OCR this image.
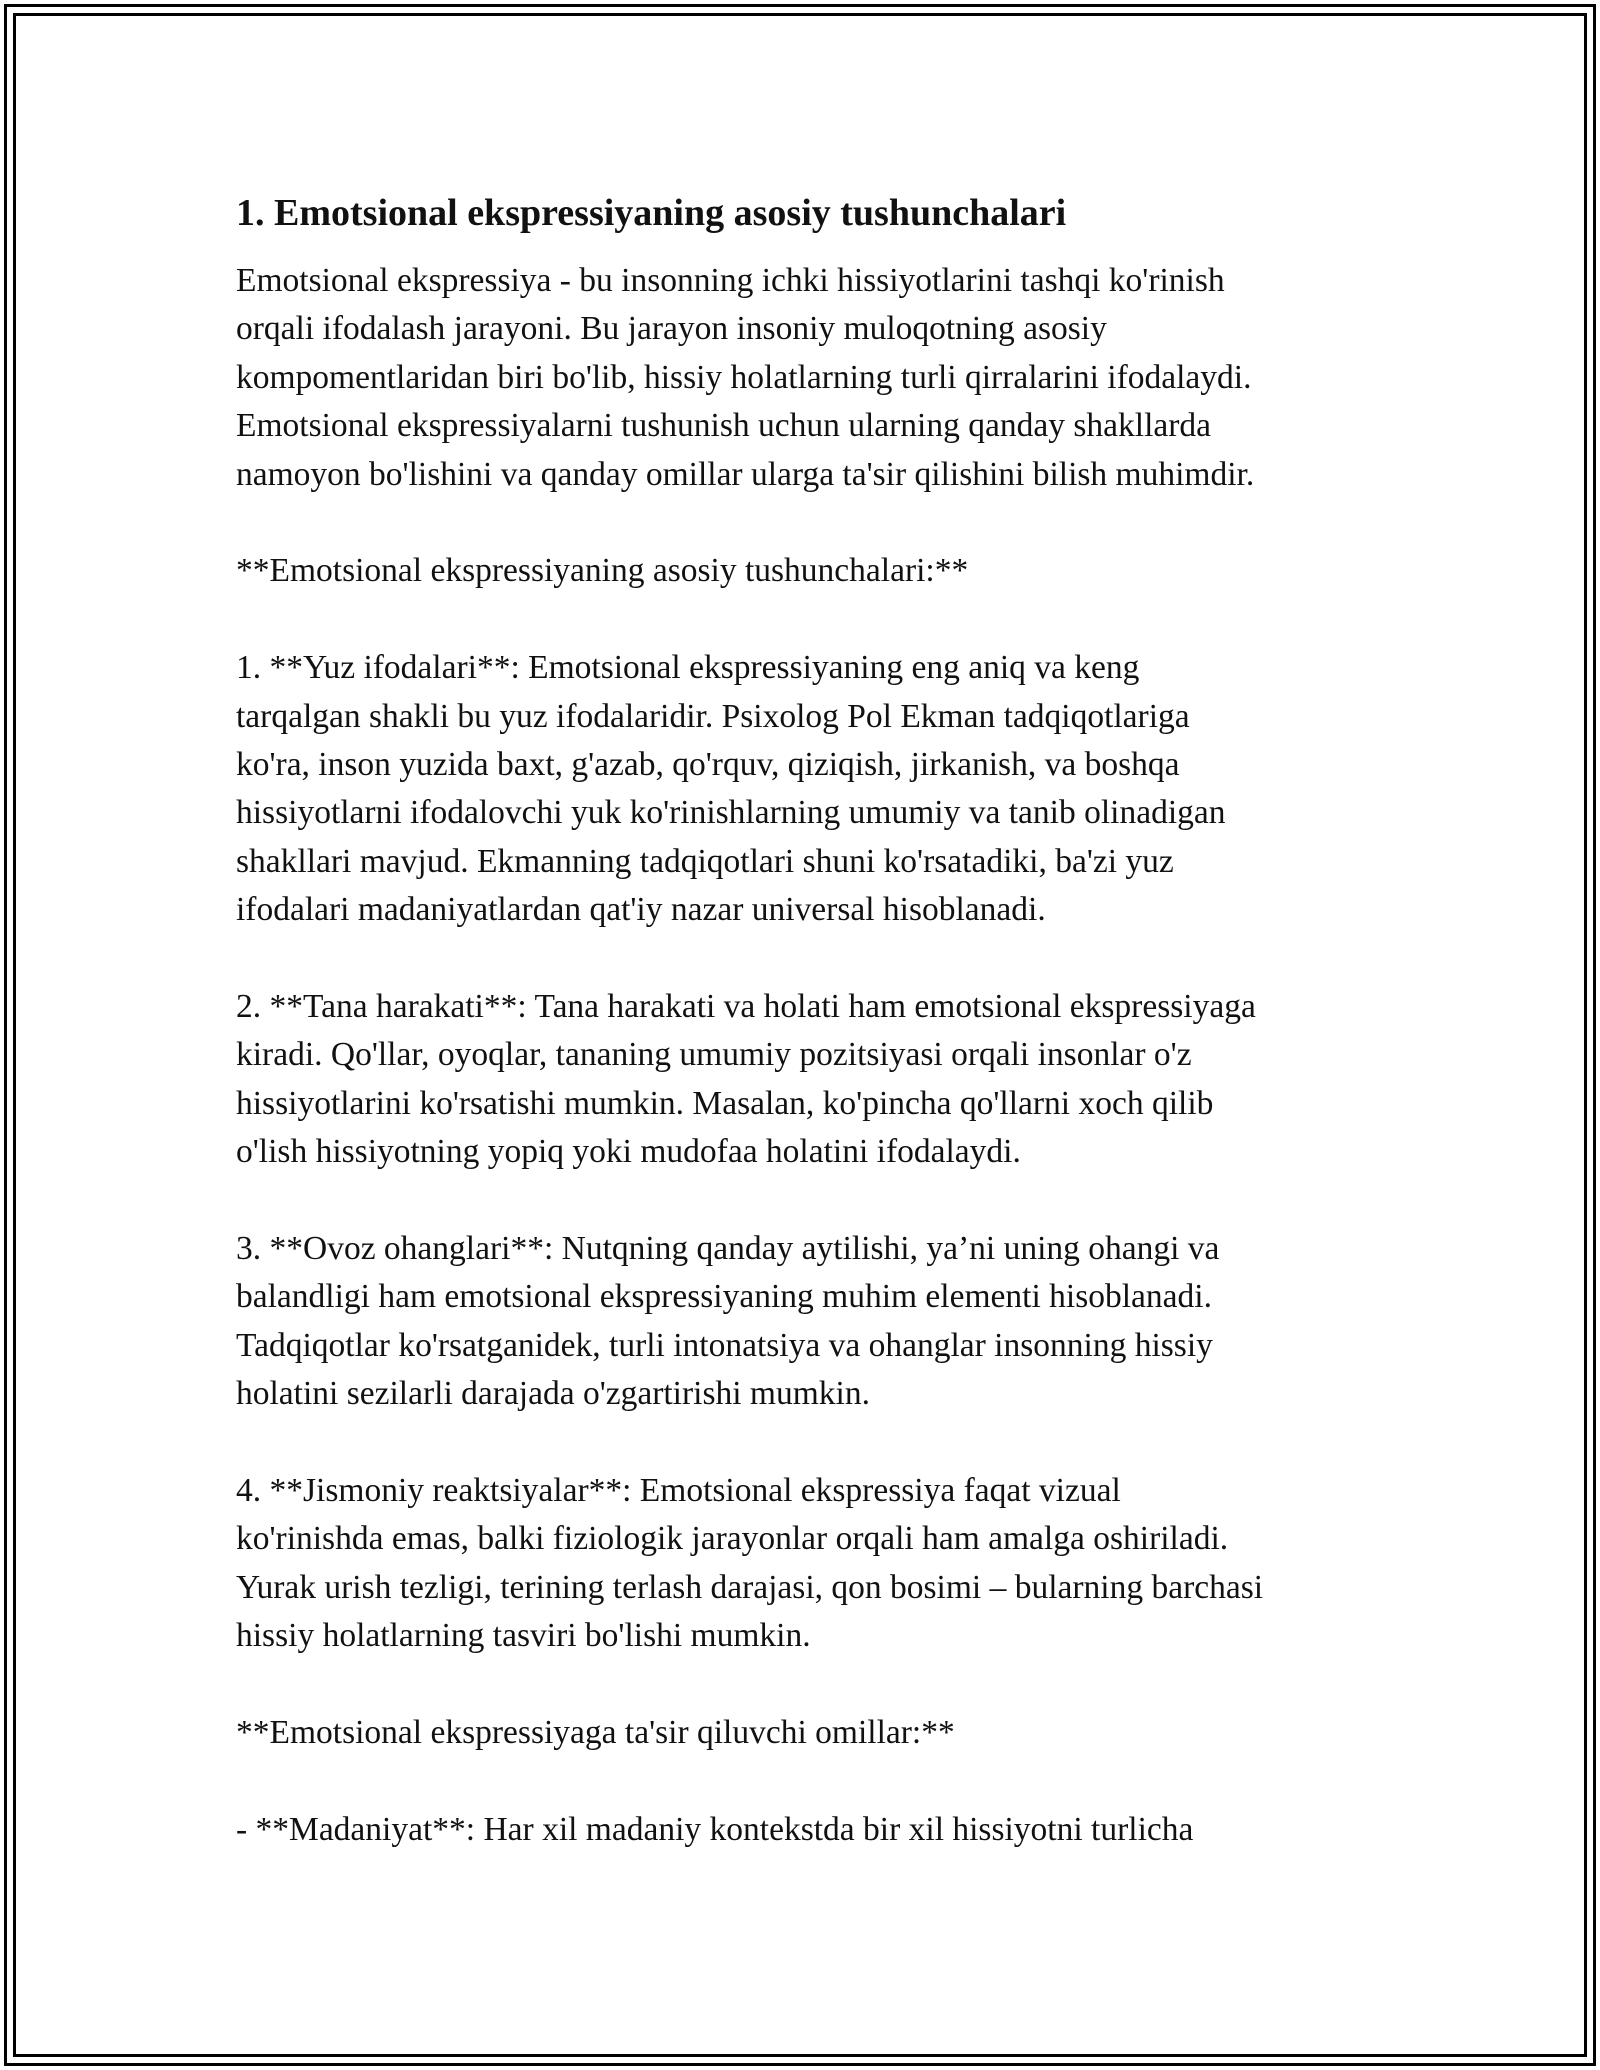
1. Emotsional ekspressiyaning asosiy tushunchalari

Emotsional ekspressiya - bu insonning ichki hissiyotlarini tashqi ko'rinish
orqali ifodalash jarayoni. Bu jarayon insoniy muloqotning asosiy
kompomentlaridan biri bo'lib, hissiy holatlarning turli qirralarini ifodalaydi.
Emotsional ekspressiyalarni tushunish uchun ularning qanday shakllarda
namoyon bo'lishini va qanday omillar ularga ta'sir qilishini bilish muhimdir.

**Emotsional ekspressiyaning asosiy tushunchalari:**

1. **Yuz ifodalari**: Emotsional ekspressiyaning eng aniq va keng
tarqalgan shakli bu yuz ifodalaridir. Psixolog Pol Ekman tadqiqotlariga
ko'ra, inson yuzida baxt, g'azab, qo'rquv, qiziqish, jirkanish, va boshqa
hissiyotlarni ifodalovchi yuk ko'rinishlarning umumiy va tanib olinadigan
shakllari mavjud. Ekmanning tadqiqotlari shuni ko'rsatadiki, ba'zi yuz
ifodalari madaniyatlardan qat'iy nazar universal hisoblanadi.

2. **Tana harakati**: Tana harakati va holati ham emotsional ekspressiyaga
kiradi. Qo'llar, oyoqlar, tananing umumiy pozitsiyasi orqali insonlar o'z
hissiyotlarini ko'rsatishi mumkin. Masalan, ko'pincha qo'llarni xoch qilib
o'lish hissiyotning yopiq yoki mudofaa holatini ifodalaydi.

3. **Ovoz ohanglari**: Nutqning qanday aytilishi, ya’ni uning ohangi va
balandligi ham emotsional ekspressiyaning muhim elementi hisoblanadi.
Tadqiqotlar ko'rsatganidek, turli intonatsiya va ohanglar insonning hissiy
holatini sezilarli darajada o'zgartirishi mumkin.

4. **Jismoniy reaktsiyalar**: Emotsional ekspressiya faqat vizual
ko'rinishda emas, balki fiziologik jarayonlar orqali ham amalga oshiriladi.
Yurak urish tezligi, terining terlash darajasi, qon bosimi – bularning barchasi
hissiy holatlarning tasviri bo'lishi mumkin.

**Emotsional ekspressiyaga ta'sir qiluvchi omillar:**

- **Madaniyat**: Har xil madaniy kontekstda bir xil hissiyotni turlicha
